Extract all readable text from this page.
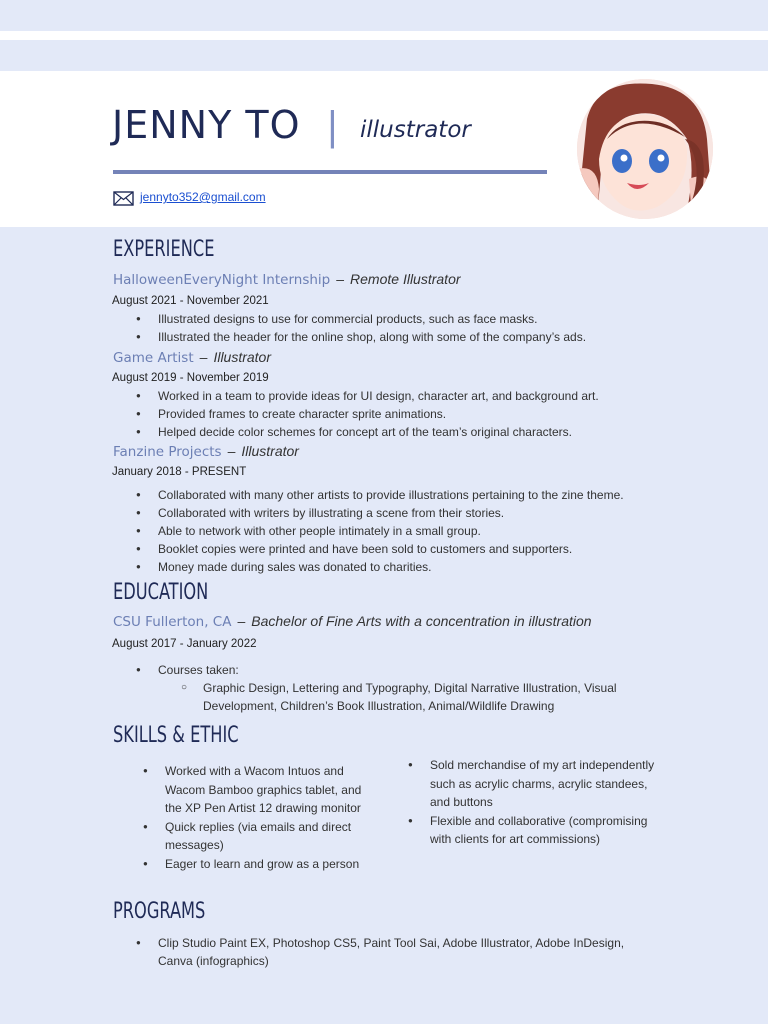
JENNY TO | illustrator
jennyto352@gmail.com
EXPERIENCE
HalloweenEveryNight Internship – Remote Illustrator
August 2021 - November 2021
● Illustrated designs to use for commercial products, such as face masks.
● Illustrated the header for the online shop, along with some of the company’s ads.
Game Artist – Illustrator
August 2019 - November 2019
● Worked in a team to provide ideas for UI design, character art, and background art.
● Provided frames to create character sprite animations.
● Helped decide color schemes for concept art of the team’s original characters.
Fanzine Projects – Illustrator
January 2018 - PRESENT
● Collaborated with many other artists to provide illustrations pertaining to the zine theme.
● Collaborated with writers by illustrating a scene from their stories.
● Able to network with other people intimately in a small group.
● Booklet copies were printed and have been sold to customers and supporters.
● Money made during sales was donated to charities.
EDUCATION
CSU Fullerton, CA – Bachelor of Fine Arts with a concentration in illustration
August 2017 - January 2022
● Courses taken:
○ Graphic Design, Lettering and Typography, Digital Narrative Illustration, Visual Development, Children’s Book Illustration, Animal/Wildlife Drawing
SKILLS & ETHIC
● Worked with a Wacom Intuos and Wacom Bamboo graphics tablet, and the XP Pen Artist 12 drawing monitor
● Quick replies (via emails and direct messages)
● Eager to learn and grow as a person
● Sold merchandise of my art independently such as acrylic charms, acrylic standees, and buttons
● Flexible and collaborative (compromising with clients for art commissions)
PROGRAMS
● Clip Studio Paint EX, Photoshop CS5, Paint Tool Sai, Adobe Illustrator, Adobe InDesign, Canva (infographics)
